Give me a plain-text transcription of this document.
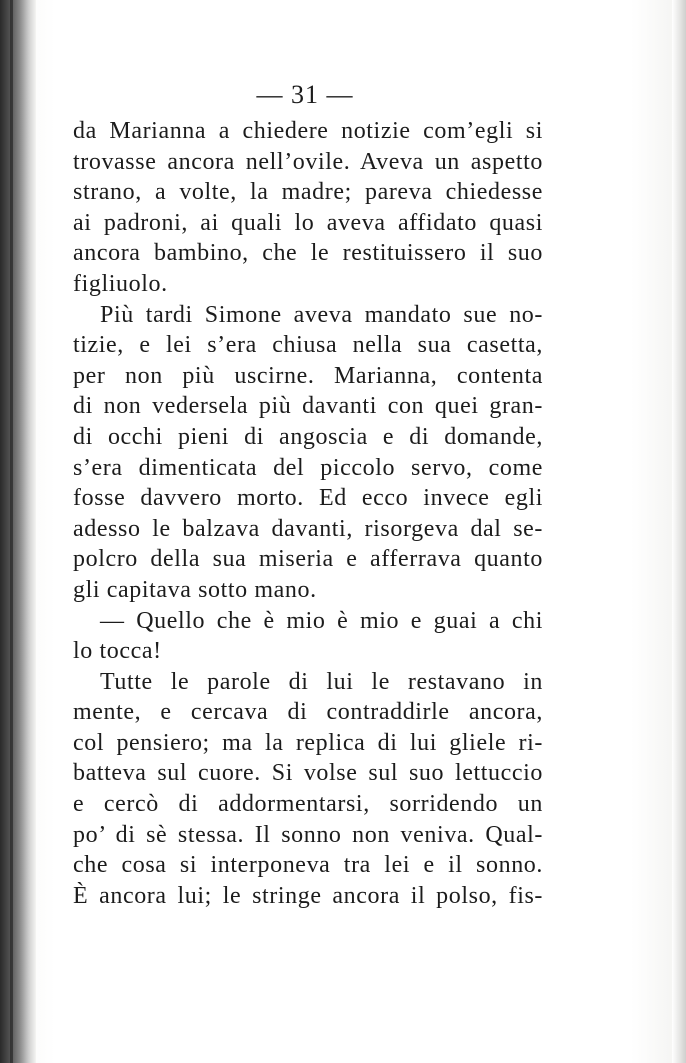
— 31 —
da Marianna a chiedere notizie com’egli si
trovasse ancora nell’ovile. Aveva un aspetto
strano, a volte, la madre; pareva chiedesse
ai padroni, ai quali lo aveva affidato quasi
ancora bambino, che le restituissero il suo
figliuolo.
Più tardi Simone aveva mandato sue no-
tizie, e lei s’era chiusa nella sua casetta,
per non più uscirne. Marianna, contenta
di non vedersela più davanti con quei gran-
di occhi pieni di angoscia e di domande,
s’era dimenticata del piccolo servo, come
fosse davvero morto. Ed ecco invece egli
adesso le balzava davanti, risorgeva dal se-
polcro della sua miseria e afferrava quanto
gli capitava sotto mano.
— Quello che è mio è mio e guai a chi
lo tocca!
Tutte le parole di lui le restavano in
mente, e cercava di contraddirle ancora,
col pensiero; ma la replica di lui gliele ri-
batteva sul cuore. Si volse sul suo lettuccio
e cercò di addormentarsi, sorridendo un
po’ di sè stessa. Il sonno non veniva. Qual-
che cosa si interponeva tra lei e il sonno.
È ancora lui; le stringe ancora il polso, fis-
